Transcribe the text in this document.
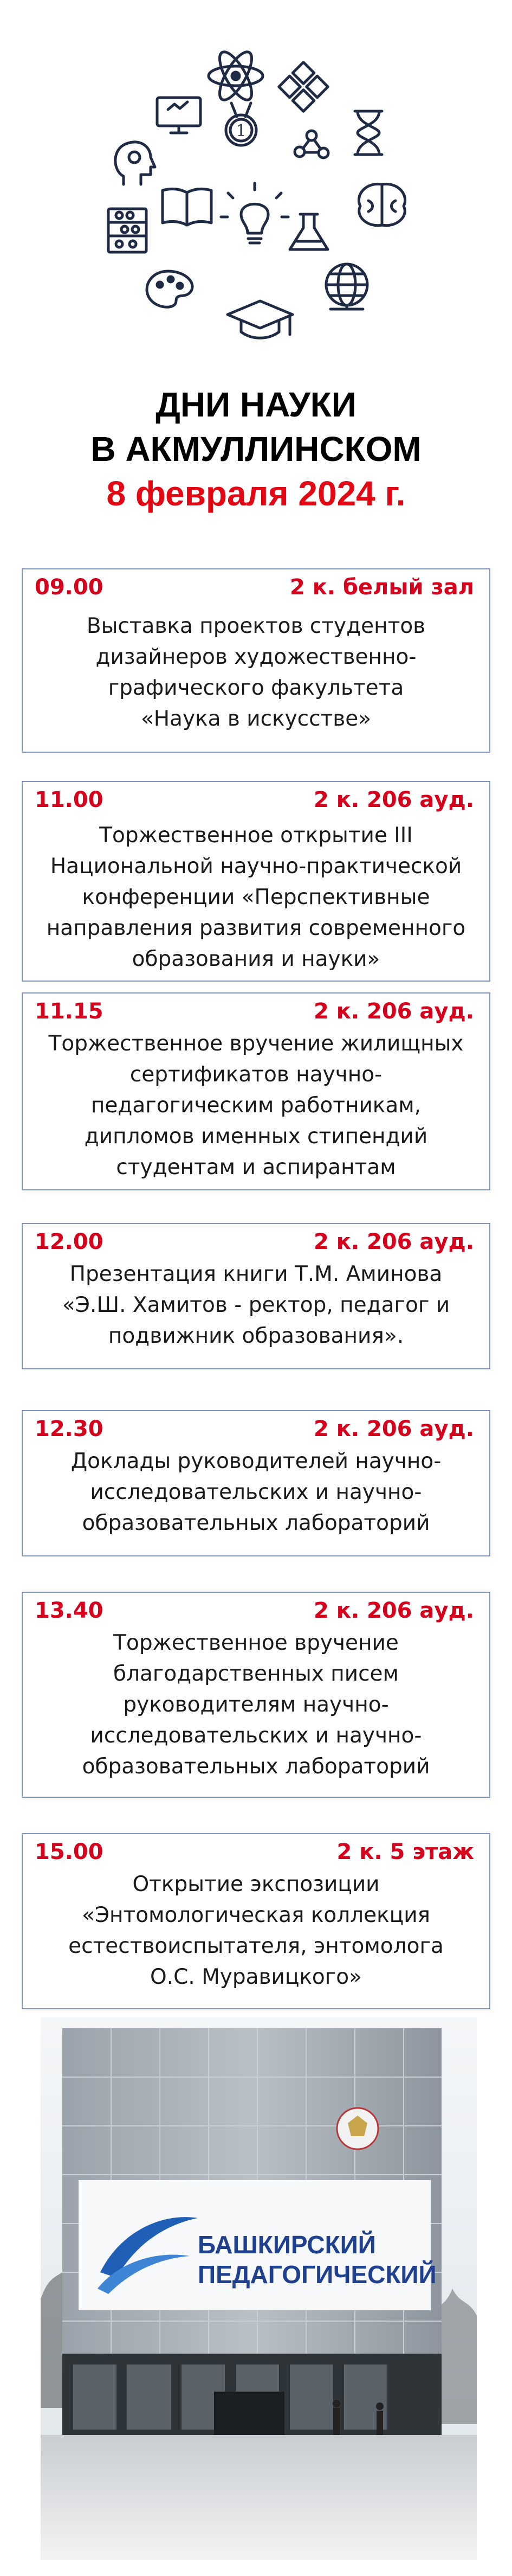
1
ДНИ НАУКИ
В АКМУЛЛИНСКОМ
8 февраля 2024 г.
09.00	2 к. белый зал
Выставка проектов студентов
дизайнеров художественно-
графического факультета
«Наука в искусстве»
11.00	2 к. 206 ауд.
Торжественное открытие III
Национальной научно-практической
конференции «Перспективные
направления развития современного
образования и науки»
11.15	2 к. 206 ауд.
Торжественное вручение жилищных
сертификатов научно-
педагогическим работникам,
дипломов именных стипендий
студентам и аспирантам
12.00	2 к. 206 ауд.
Презентация книги Т.М. Аминова
«Э.Ш. Хамитов - ректор, педагог и
подвижник образования».
12.30	2 к. 206 ауд.
Доклады руководителей научно-
исследовательских и научно-
образовательных лабораторий
13.40	2 к. 206 ауд.
Торжественное вручение
благодарственных писем
руководителям научно-
исследовательских и научно-
образовательных лабораторий
15.00	2 к. 5 этаж
Открытие экспозиции
«Энтомологическая коллекция
естествоиспытателя, энтомолога
О.С. Муравицкого»
БАШКИРСКИЙ
ПЕДАГОГИЧЕСКИЙ
